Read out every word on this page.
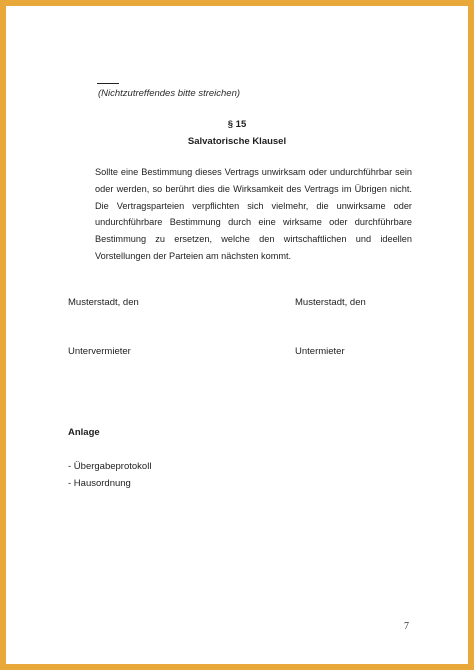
(Nichtzutreffendes bitte streichen)
§ 15
Salvatorische Klausel

Sollte eine Bestimmung dieses Vertrags unwirksam oder undurchführbar sein oder werden, so berührt dies die Wirksamkeit des Vertrags im Übrigen nicht. Die Vertragsparteien verpflichten sich vielmehr, die unwirksame oder undurchführbare Bestimmung durch eine wirksame oder durchführbare Bestimmung zu ersetzen, welche den wirtschaftlichen und ideellen Vorstellungen der Parteien am nächsten kommt.

Musterstadt, den	Musterstadt, den
Untervermieter	Untermieter
Anlage
- Übergabeprotokoll
- Hausordnung
7
